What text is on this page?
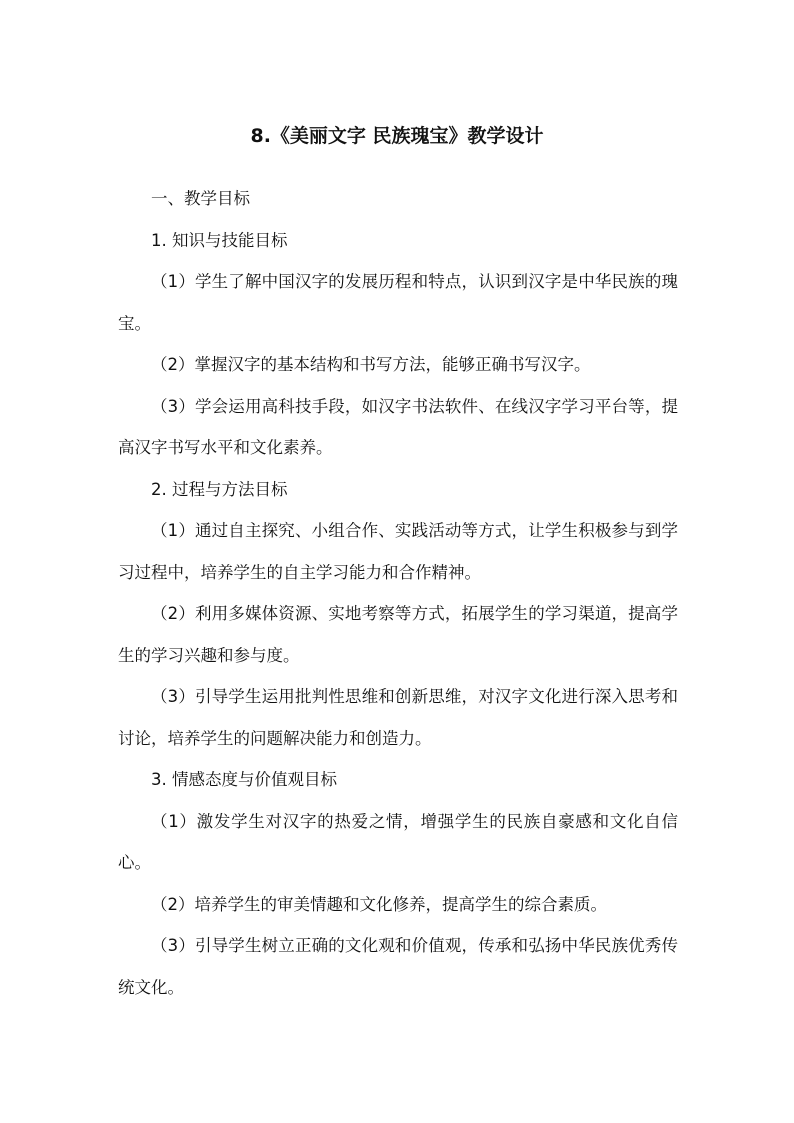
8.《美丽文字 民族瑰宝》教学设计

一、教学目标

1. 知识与技能目标

（1）学生了解中国汉字的发展历程和特点，认识到汉字是中华民族的瑰宝。

（2）掌握汉字的基本结构和书写方法，能够正确书写汉字。

（3）学会运用高科技手段，如汉字书法软件、在线汉字学习平台等，提高汉字书写水平和文化素养。

2. 过程与方法目标

（1）通过自主探究、小组合作、实践活动等方式，让学生积极参与到学习过程中，培养学生的自主学习能力和合作精神。

（2）利用多媒体资源、实地考察等方式，拓展学生的学习渠道，提高学生的学习兴趣和参与度。

（3）引导学生运用批判性思维和创新思维，对汉字文化进行深入思考和讨论，培养学生的问题解决能力和创造力。

3. 情感态度与价值观目标

（1）激发学生对汉字的热爱之情，增强学生的民族自豪感和文化自信心。

（2）培养学生的审美情趣和文化修养，提高学生的综合素质。

（3）引导学生树立正确的文化观和价值观，传承和弘扬中华民族优秀传统文化。
